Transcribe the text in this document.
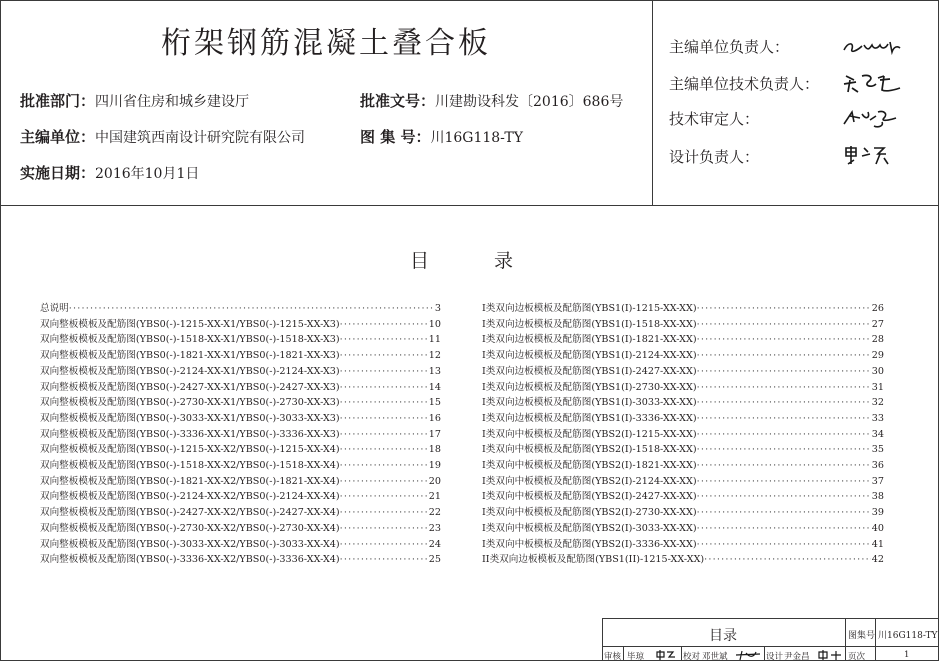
桁架钢筋混凝土叠合板
批准部门：四川省住房和城乡建设厅	批准文号：川建勘设科发〔2016〕686号
主编单位：中国建筑西南设计研究院有限公司	图 集 号：川16G118-TY
实施日期：2016年10月1日
主编单位负责人：
主编单位技术负责人：
技术审定人：
设计负责人：
目	录
总说明 ·····	3
双向整板模板及配筋图(YBS0(-)-1215-XX-X1/YBS0(-)-1215-XX-X3) ·····	10
双向整板模板及配筋图(YBS0(-)-1518-XX-X1/YBS0(-)-1518-XX-X3) ·····	11
双向整板模板及配筋图(YBS0(-)-1821-XX-X1/YBS0(-)-1821-XX-X3) ·····	12
双向整板模板及配筋图(YBS0(-)-2124-XX-X1/YBS0(-)-2124-XX-X3) ·····	13
双向整板模板及配筋图(YBS0(-)-2427-XX-X1/YBS0(-)-2427-XX-X3) ·····	14
双向整板模板及配筋图(YBS0(-)-2730-XX-X1/YBS0(-)-2730-XX-X3) ·····	15
双向整板模板及配筋图(YBS0(-)-3033-XX-X1/YBS0(-)-3033-XX-X3) ·····	16
双向整板模板及配筋图(YBS0(-)-3336-XX-X1/YBS0(-)-3336-XX-X3) ·····	17
双向整板模板及配筋图(YBS0(-)-1215-XX-X2/YBS0(-)-1215-XX-X4) ·····	18
双向整板模板及配筋图(YBS0(-)-1518-XX-X2/YBS0(-)-1518-XX-X4) ·····	19
双向整板模板及配筋图(YBS0(-)-1821-XX-X2/YBS0(-)-1821-XX-X4) ·····	20
双向整板模板及配筋图(YBS0(-)-2124-XX-X2/YBS0(-)-2124-XX-X4) ·····	21
双向整板模板及配筋图(YBS0(-)-2427-XX-X2/YBS0(-)-2427-XX-X4) ·····	22
双向整板模板及配筋图(YBS0(-)-2730-XX-X2/YBS0(-)-2730-XX-X4) ·····	23
双向整板模板及配筋图(YBS0(-)-3033-XX-X2/YBS0(-)-3033-XX-X4) ·····	24
双向整板模板及配筋图(YBS0(-)-3336-XX-X2/YBS0(-)-3336-XX-X4) ·····	25
I类双向边板模板及配筋图(YBS1(I)-1215-XX-XX) ·····	26
I类双向边板模板及配筋图(YBS1(I)-1518-XX-XX) ·····	27
I类双向边板模板及配筋图(YBS1(I)-1821-XX-XX) ·····	28
I类双向边板模板及配筋图(YBS1(I)-2124-XX-XX) ·····	29
I类双向边板模板及配筋图(YBS1(I)-2427-XX-XX) ·····	30
I类双向边板模板及配筋图(YBS1(I)-2730-XX-XX) ·····	31
I类双向边板模板及配筋图(YBS1(I)-3033-XX-XX) ·····	32
I类双向边板模板及配筋图(YBS1(I)-3336-XX-XX) ·····	33
I类双向中板模板及配筋图(YBS2(I)-1215-XX-XX) ·····	34
I类双向中板模板及配筋图(YBS2(I)-1518-XX-XX) ·····	35
I类双向中板模板及配筋图(YBS2(I)-1821-XX-XX) ·····	36
I类双向中板模板及配筋图(YBS2(I)-2124-XX-XX) ·····	37
I类双向中板模板及配筋图(YBS2(I)-2427-XX-XX) ·····	38
I类双向中板模板及配筋图(YBS2(I)-2730-XX-XX) ·····	39
I类双向中板模板及配筋图(YBS2(I)-3033-XX-XX) ·····	40
I类双向中板模板及配筋图(YBS2(I)-3336-XX-XX) ·····	41
II类双向边板模板及配筋图(YBS1(II)-1215-XX-XX) ·····	42
目录	图集号 川16G118-TY
审核 毕琼	校对 邓世斌	设计 尹金昌	页次	1
